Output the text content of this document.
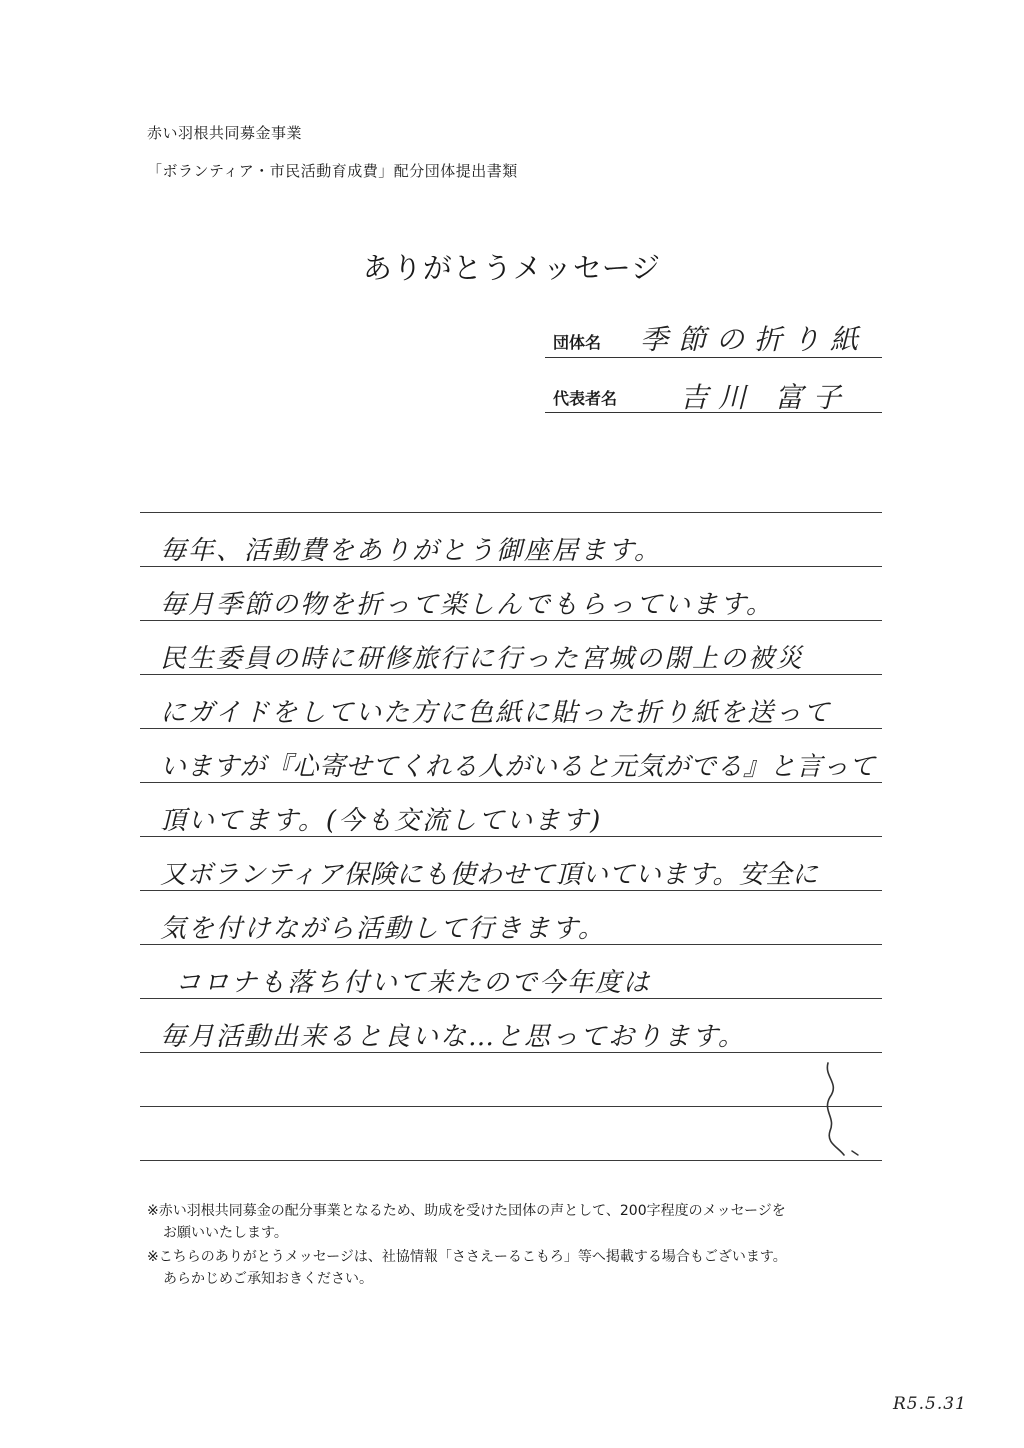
赤い羽根共同募金事業
「ボランティア・市民活動育成費」配分団体提出書類
ありがとうメッセージ
団体名 季節の折り紙
代表者名 吉川 富子
毎年、活動費をありがとう御座居ます。
毎月季節の物を折って楽しんでもらっています。
民生委員の時に研修旅行に行った宮城の閖上の被災
にガイドをしていた方に色紙に貼った折り紙を送って
いますが『心寄せてくれる人がいると元気がでる』と言って
頂いてます。(今も交流しています)
又ボランティア保険にも使わせて頂いています。安全に
気を付けながら活動して行きます。
コロナも落ち付いて来たので今年度は
毎月活動出来ると良いな…と思っております。
※赤い羽根共同募金の配分事業となるため、助成を受けた団体の声として、200字程度のメッセージを
お願いいたします。
※こちらのありがとうメッセージは、社協情報「ささえーるこもろ」等へ掲載する場合もございます。
あらかじめご承知おきください。
R5.5.31
